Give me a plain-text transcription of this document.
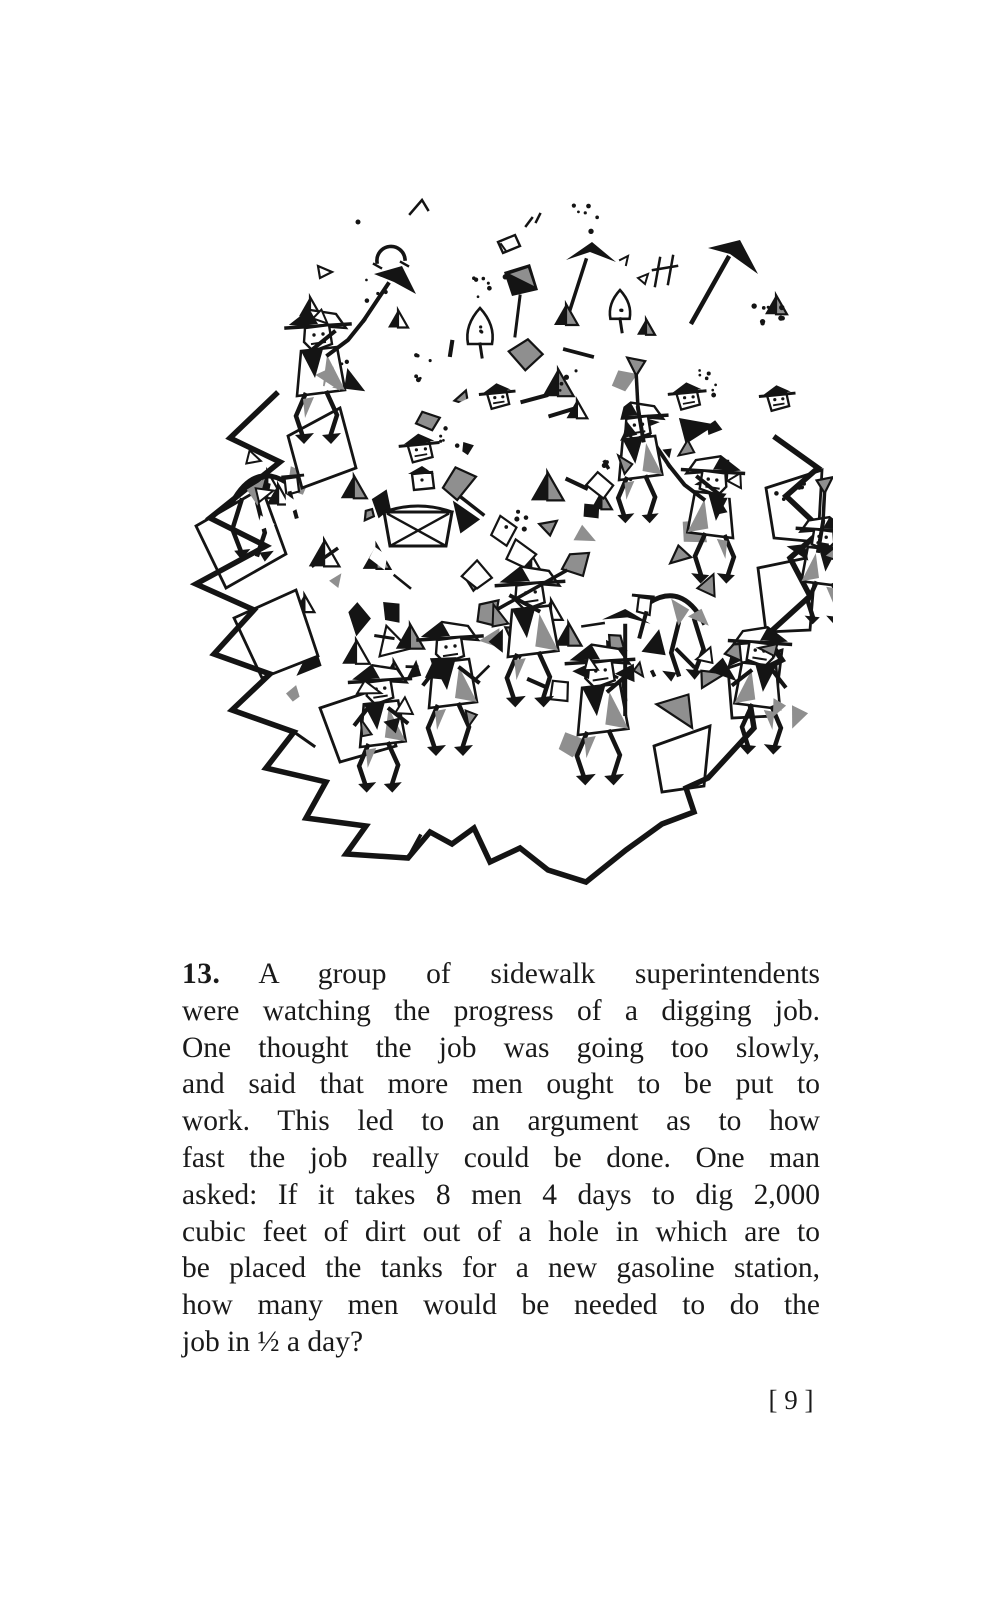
13. A group of sidewalk superintendents
were watching the progress of a digging job.
One thought the job was going too slowly,
and said that more men ought to be put to
work. This led to an argument as to how
fast the job really could be done. One man
asked: If it takes 8 men 4 days to dig 2,000
cubic feet of dirt out of a hole in which are to
be placed the tanks for a new gasoline station,
how many men would be needed to do the
job in ½ a day?
[ 9 ]
